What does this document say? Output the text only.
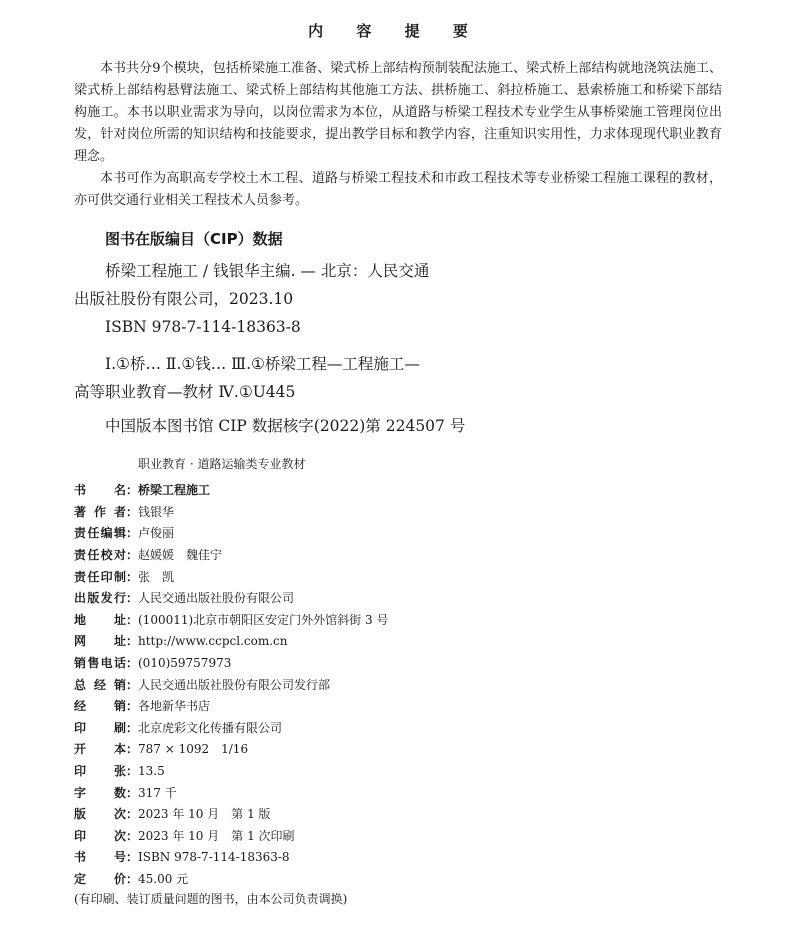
内 容 提 要

本书共分9个模块，包括桥梁施工准备、梁式桥上部结构预制装配法施工、梁式桥上部结构就地浇筑法施工、梁式桥上部结构悬臂法施工、梁式桥上部结构其他施工方法、拱桥施工、斜拉桥施工、悬索桥施工和桥梁下部结构施工。本书以职业需求为导向，以岗位需求为本位，从道路与桥梁工程技术专业学生从事桥梁施工管理岗位出发，针对岗位所需的知识结构和技能要求，提出教学目标和教学内容，注重知识实用性，力求体现现代职业教育理念。

本书可作为高职高专学校土木工程、道路与桥梁工程技术和市政工程技术等专业桥梁工程施工课程的教材，亦可供交通行业相关工程技术人员参考。

图书在版编目（CIP）数据
桥梁工程施工 / 钱银华主编. — 北京：人民交通
出版社股份有限公司，2023.10
ISBN 978-7-114-18363-8
Ⅰ.①桥… Ⅱ.①钱… Ⅲ.①桥梁工程—工程施工—
高等职业教育—教材 Ⅳ.①U445
中国版本图书馆 CIP 数据核字(2022)第 224507 号
职业教育 · 道路运输类专业教材
书 名 ： 桥梁工程施工
著 作 者 ： 钱银华
责 任 编 辑 ： 卢俊丽
责 任 校 对 ： 赵媛媛　魏佳宁
责 任 印 制 ： 张　凯
出 版 发 行 ： 人民交通出版社股份有限公司
地 址 ： (100011)北京市朝阳区安定门外外馆斜街 3 号
网 址 ： http://www.ccpcl.com.cn
销 售 电 话 ： (010)59757973
总 经 销 ： 人民交通出版社股份有限公司发行部
经 销 ： 各地新华书店
印 刷 ： 北京虎彩文化传播有限公司
开 本 ： 787 × 1092　1/16
印 张 ： 13.5
字 数 ： 317 千
版 次 ： 2023 年 10 月　第 1 版
印 次 ： 2023 年 10 月　第 1 次印刷
书 号 ： ISBN 978-7-114-18363-8
定 价 ： 45.00 元
(有印刷、装订质量问题的图书，由本公司负责调换)
